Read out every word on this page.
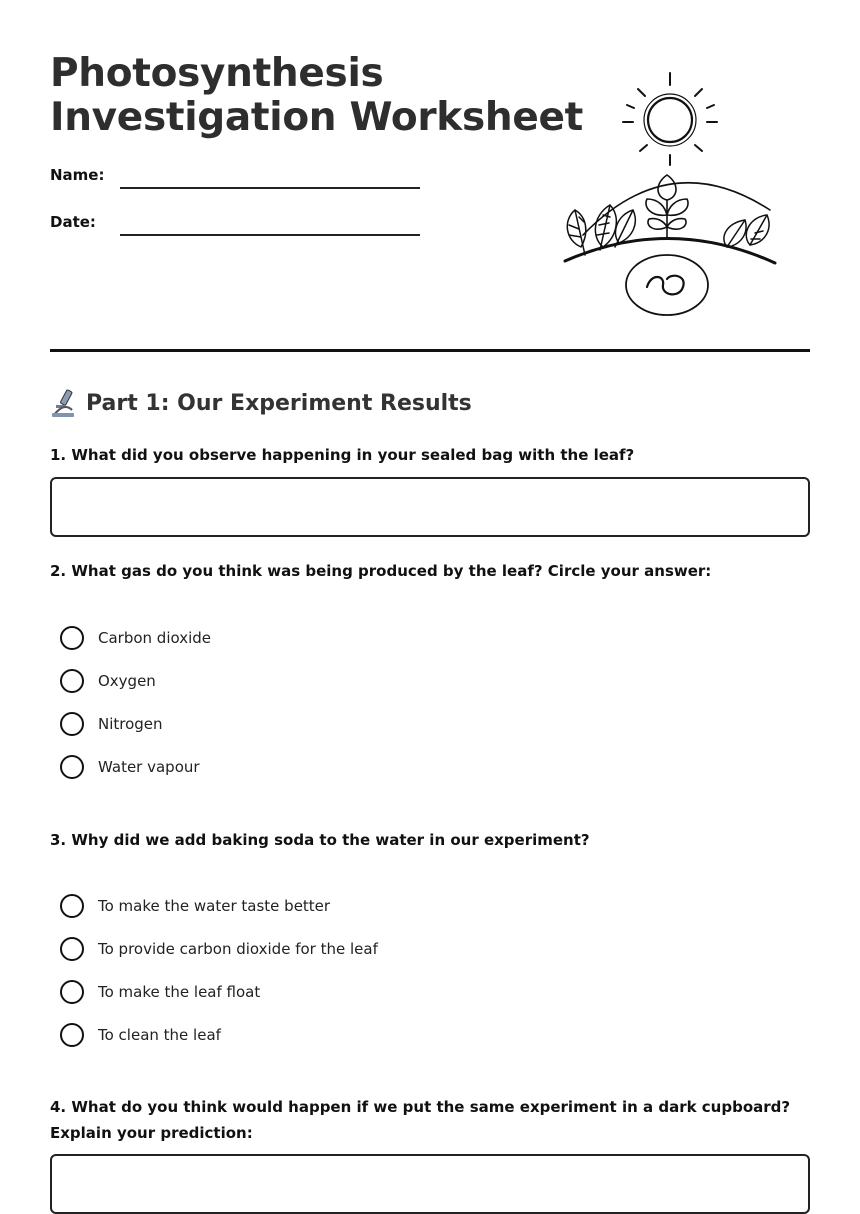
Photosynthesis
Investigation Worksheet
Name:
Date:
Part 1: Our Experiment Results

1. What did you observe happening in your sealed bag with the leaf?

2. What gas do you think was being produced by the leaf? Circle your answer:

Carbon dioxide
Oxygen
Nitrogen
Water vapour

3. Why did we add baking soda to the water in our experiment?

To make the water taste better
To provide carbon dioxide for the leaf
To make the leaf float
To clean the leaf

4. What do you think would happen if we put the same experiment in a dark cupboard? Explain your prediction:
